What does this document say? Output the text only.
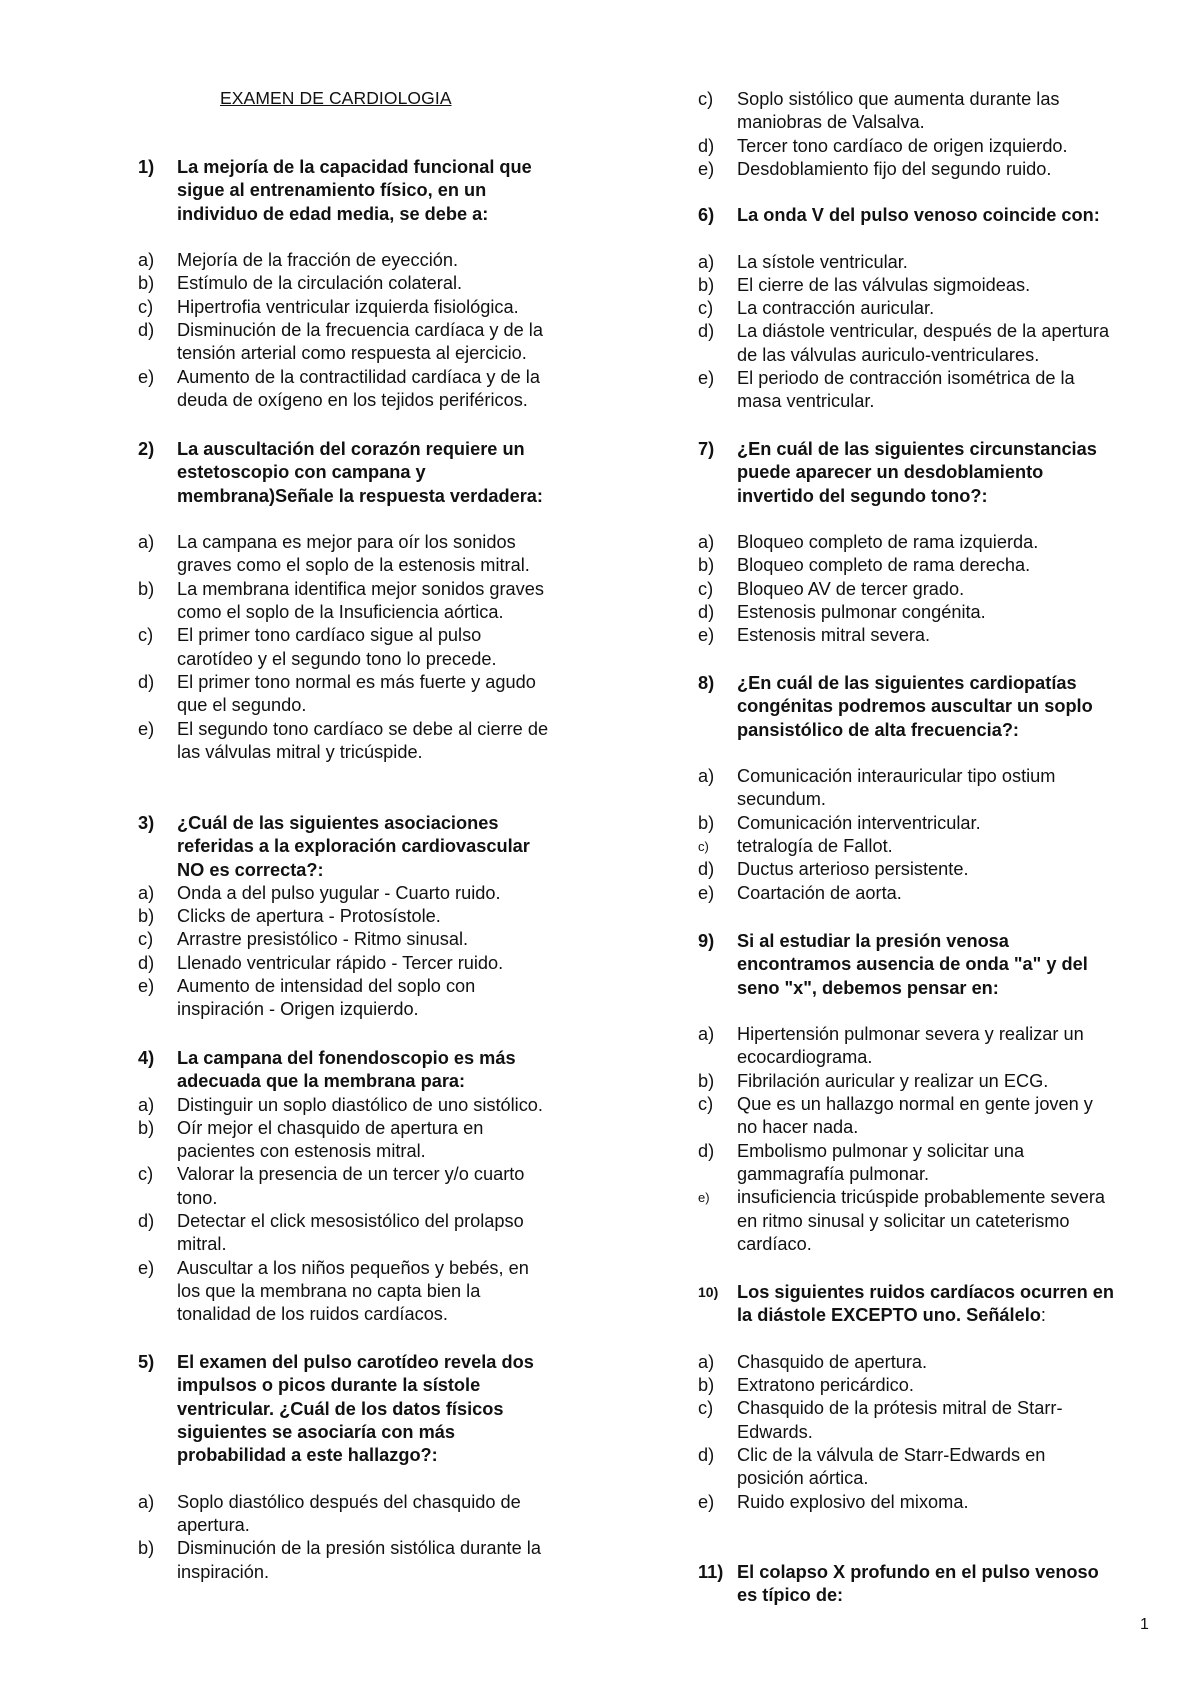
EXAMEN DE CARDIOLOGIA
1)	La mejoría de la capacidad funcional que
sigue al entrenamiento físico, en un
individuo de edad media, se debe a:
a)	Mejoría de la fracción de eyección.
b)	Estímulo de la circulación colateral.
c)	Hipertrofia ventricular izquierda fisiológica.
d)	Disminución de la frecuencia cardíaca y de la
tensión arterial como respuesta al ejercicio.
e)	Aumento de la contractilidad cardíaca y de la
deuda de oxígeno en los tejidos periféricos.
2)	La auscultación del corazón requiere un
estetoscopio con campana y
membrana)Señale la respuesta verdadera:
a)	La campana es mejor para oír los sonidos
graves como el soplo de la estenosis mitral.
b)	La membrana identifica mejor sonidos graves
como el soplo de la Insuficiencia aórtica.
c)	El primer tono cardíaco sigue al pulso
carotídeo y el segundo tono lo precede.
d)	El primer tono normal es más fuerte y agudo
que el segundo.
e)	El segundo tono cardíaco se debe al cierre de
las válvulas mitral y tricúspide.
3)	¿Cuál de las siguientes asociaciones
referidas a la exploración cardiovascular
NO es correcta?:
a)	Onda a del pulso yugular - Cuarto ruido.
b)	Clicks de apertura - Protosístole.
c)	Arrastre presistólico - Ritmo sinusal.
d)	Llenado ventricular rápido - Tercer ruido.
e)	Aumento de intensidad del soplo con
inspiración - Origen izquierdo.
4)	La campana del fonendoscopio es más
adecuada que la membrana para:
a)	Distinguir un soplo diastólico de uno sistólico.
b)	Oír mejor el chasquido de apertura en
pacientes con estenosis mitral.
c)	Valorar la presencia de un tercer y/o cuarto
tono.
d)	Detectar el click mesosistólico del prolapso
mitral.
e)	Auscultar a los niños pequeños y bebés, en
los que la membrana no capta bien la
tonalidad de los ruidos cardíacos.
5)	El examen del pulso carotídeo revela dos
impulsos o picos durante la sístole
ventricular. ¿Cuál de los datos físicos
siguientes se asociaría con más
probabilidad a este hallazgo?:
a)	Soplo diastólico después del chasquido de
apertura.
b)	Disminución de la presión sistólica durante la
inspiración.
c)	Soplo sistólico que aumenta durante las
maniobras de Valsalva.
d)	Tercer tono cardíaco de origen izquierdo.
e)	Desdoblamiento fijo del segundo ruido.
6)	La onda V del pulso venoso coincide con:
a)	La sístole ventricular.
b)	El cierre de las válvulas sigmoideas.
c)	La contracción auricular.
d)	La diástole ventricular, después de la apertura
de las válvulas auriculo-ventriculares.
e)	El periodo de contracción isométrica de la
masa ventricular.
7)	¿En cuál de las siguientes circunstancias
puede aparecer un desdoblamiento
invertido del segundo tono?:
a)	Bloqueo completo de rama izquierda.
b)	Bloqueo completo de rama derecha.
c)	Bloqueo AV de tercer grado.
d)	Estenosis pulmonar congénita.
e)	Estenosis mitral severa.
8)	¿En cuál de las siguientes cardiopatías
congénitas podremos auscultar un soplo
pansistólico de alta frecuencia?:
a)	Comunicación interauricular tipo ostium
secundum.
b)	Comunicación interventricular.
c)	tetralogía de Fallot.
d)	Ductus arterioso persistente.
e)	Coartación de aorta.
9)	Si al estudiar la presión venosa
encontramos ausencia de onda "a" y del
seno "x", debemos pensar en:
a)	Hipertensión pulmonar severa y realizar un
ecocardiograma.
b)	Fibrilación auricular y realizar un ECG.
c)	Que es un hallazgo normal en gente joven y
no hacer nada.
d)	Embolismo pulmonar y solicitar una
gammagrafía pulmonar.
e)	insuficiencia tricúspide probablemente severa
en ritmo sinusal y solicitar un cateterismo
cardíaco.
10)	Los siguientes ruidos cardíacos ocurren en
la diástole EXCEPTO uno. Señálelo:
a)	Chasquido de apertura.
b)	Extratono pericárdico.
c)	Chasquido de la prótesis mitral de Starr-
Edwards.
d)	Clic de la válvula de Starr-Edwards en
posición aórtica.
e)	Ruido explosivo del mixoma.
11) El colapso X profundo en el pulso venoso
es típico de:
1
